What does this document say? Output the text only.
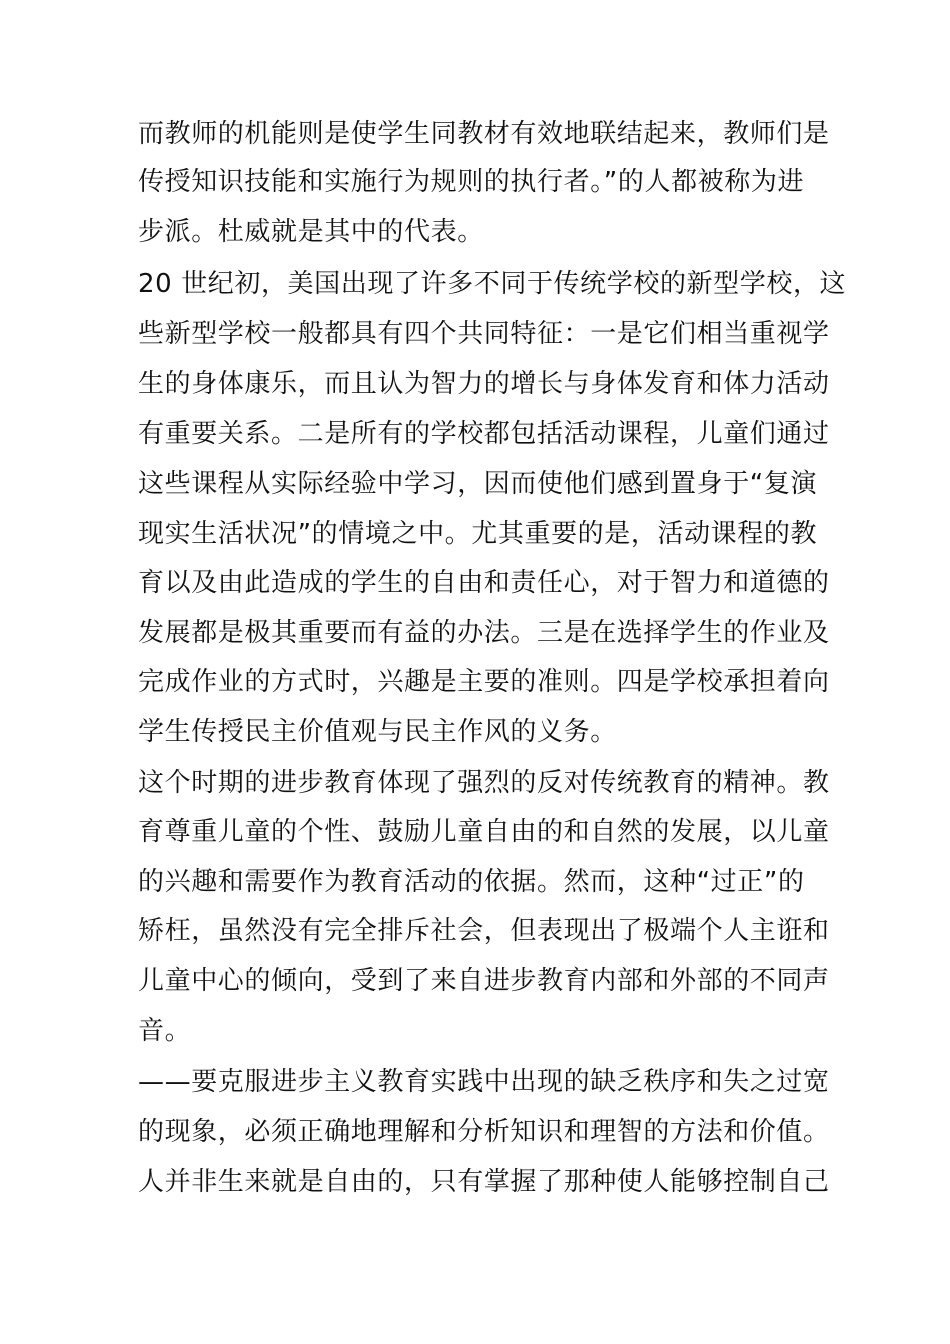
而教师的机能则是使学生同教材有效地联结起来，教师们是
传授知识技能和实施行为规则的执行者。”的人都被称为进
步派。杜威就是其中的代表。
20 世纪初，美国出现了许多不同于传统学校的新型学校，这
些新型学校一般都具有四个共同特征：一是它们相当重视学
生的身体康乐，而且认为智力的增长与身体发育和体力活动
有重要关系。二是所有的学校都包括活动课程，儿童们通过
这些课程从实际经验中学习，因而使他们感到置身于“复演
现实生活状况”的情境之中。尤其重要的是，活动课程的教
育以及由此造成的学生的自由和责任心，对于智力和道德的
发展都是极其重要而有益的办法。三是在选择学生的作业及
完成作业的方式时，兴趣是主要的准则。四是学校承担着向
学生传授民主价值观与民主作风的义务。
这个时期的进步教育体现了强烈的反对传统教育的精神。教
育尊重儿童的个性、鼓励儿童自由的和自然的发展，以儿童
的兴趣和需要作为教育活动的依据。然而，这种“过正”的
矫枉，虽然没有完全排斥社会，但表现出了极端个人主诳和
儿童中心的倾向，受到了来自进步教育内部和外部的不同声
音。
——要克服进步主义教育实践中出现的缺乏秩序和失之过宽
的现象，必须正确地理解和分析知识和理智的方法和价值。
人并非生来就是自由的，只有掌握了那种使人能够控制自己
